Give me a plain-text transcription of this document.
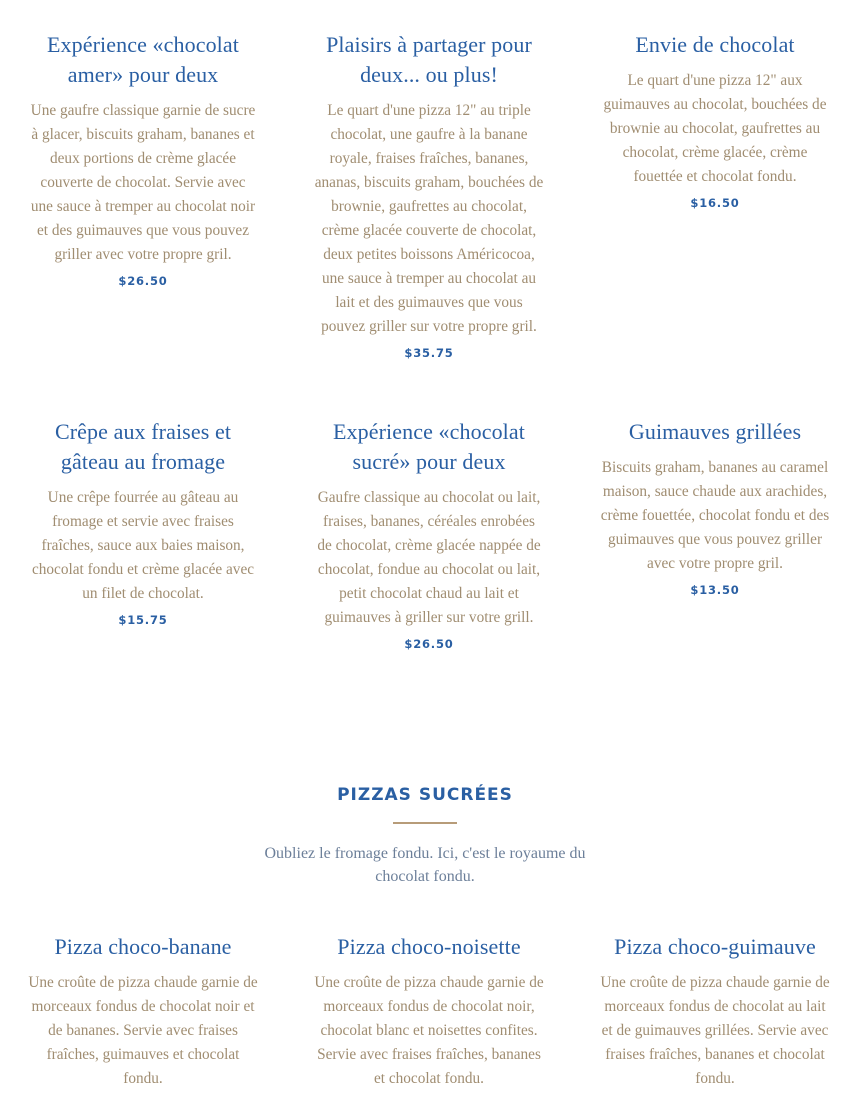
Expérience «chocolat amer» pour deux

Une gaufre classique garnie de sucre à glacer, biscuits graham, bananes et deux portions de crème glacée couverte de chocolat. Servie avec une sauce à tremper au chocolat noir et des guimauves que vous pouvez griller avec votre propre gril.

$26.50
Plaisirs à partager pour deux... ou plus!

Le quart d'une pizza 12" au triple chocolat, une gaufre à la banane royale, fraises fraîches, bananes, ananas, biscuits graham, bouchées de brownie, gaufrettes au chocolat, crème glacée couverte de chocolat, deux petites boissons Américocoa, une sauce à tremper au chocolat au lait et des guimauves que vous pouvez griller sur votre propre gril.

$35.75
Envie de chocolat

Le quart d'une pizza 12" aux guimauves au chocolat, bouchées de brownie au chocolat, gaufrettes au chocolat, crème glacée, crème fouettée et chocolat fondu.

$16.50
Crêpe aux fraises et gâteau au fromage

Une crêpe fourrée au gâteau au fromage et servie avec fraises fraîches, sauce aux baies maison, chocolat fondu et crème glacée avec un filet de chocolat.

$15.75
Expérience «chocolat sucré» pour deux

Gaufre classique au chocolat ou lait, fraises, bananes, céréales enrobées de chocolat, crème glacée nappée de chocolat, fondue au chocolat ou lait, petit chocolat chaud au lait et guimauves à griller sur votre grill.

$26.50
Guimauves grillées

Biscuits graham, bananes au caramel maison, sauce chaude aux arachides, crème fouettée, chocolat fondu et des guimauves que vous pouvez griller avec votre propre gril.

$13.50
PIZZAS SUCRÉES

Oubliez le fromage fondu. Ici, c'est le royaume du chocolat fondu.

Pizza choco-banane

Une croûte de pizza chaude garnie de morceaux fondus de chocolat noir et de bananes. Servie avec fraises fraîches, guimauves et chocolat fondu.

Pizza choco-noisette

Une croûte de pizza chaude garnie de morceaux fondus de chocolat noir, chocolat blanc et noisettes confites. Servie avec fraises fraîches, bananes et chocolat fondu.

Pizza choco-guimauve

Une croûte de pizza chaude garnie de morceaux fondus de chocolat au lait et de guimauves grillées. Servie avec fraises fraîches, bananes et chocolat fondu.
